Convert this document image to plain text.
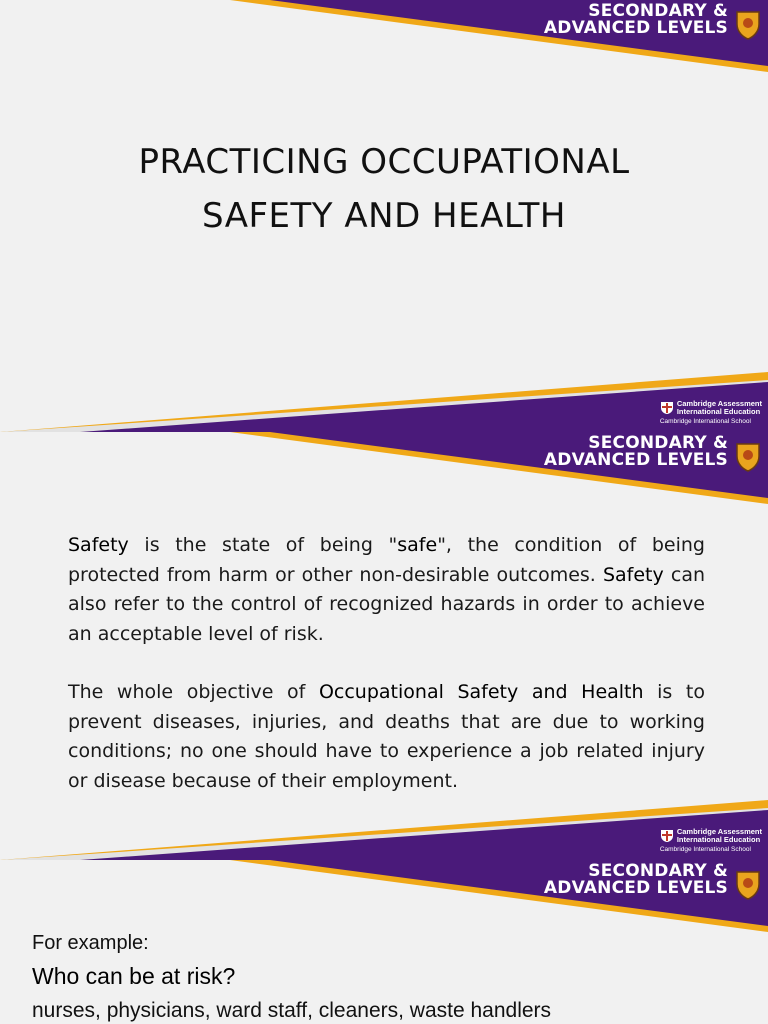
SECONDARY &
ADVANCED LEVELS
PRACTICING OCCUPATIONAL
SAFETY AND HEALTH
Cambridge Assessment
International Education
Cambridge International School
SECONDARY &
ADVANCED LEVELS

Safety is the state of being "safe", the condition of being protected from harm or other non-desirable outcomes. Safety can also refer to the control of recognized hazards in order to achieve an acceptable level of risk.

The whole objective of Occupational Safety and Health is to prevent diseases, injuries, and deaths that are due to working conditions; no one should have to experience a job related injury or disease because of their employment.

Cambridge Assessment
International Education
Cambridge International School
SECONDARY &
ADVANCED LEVELS
For example:
Who can be at risk?
nurses, physicians, ward staff, cleaners, waste handlers
